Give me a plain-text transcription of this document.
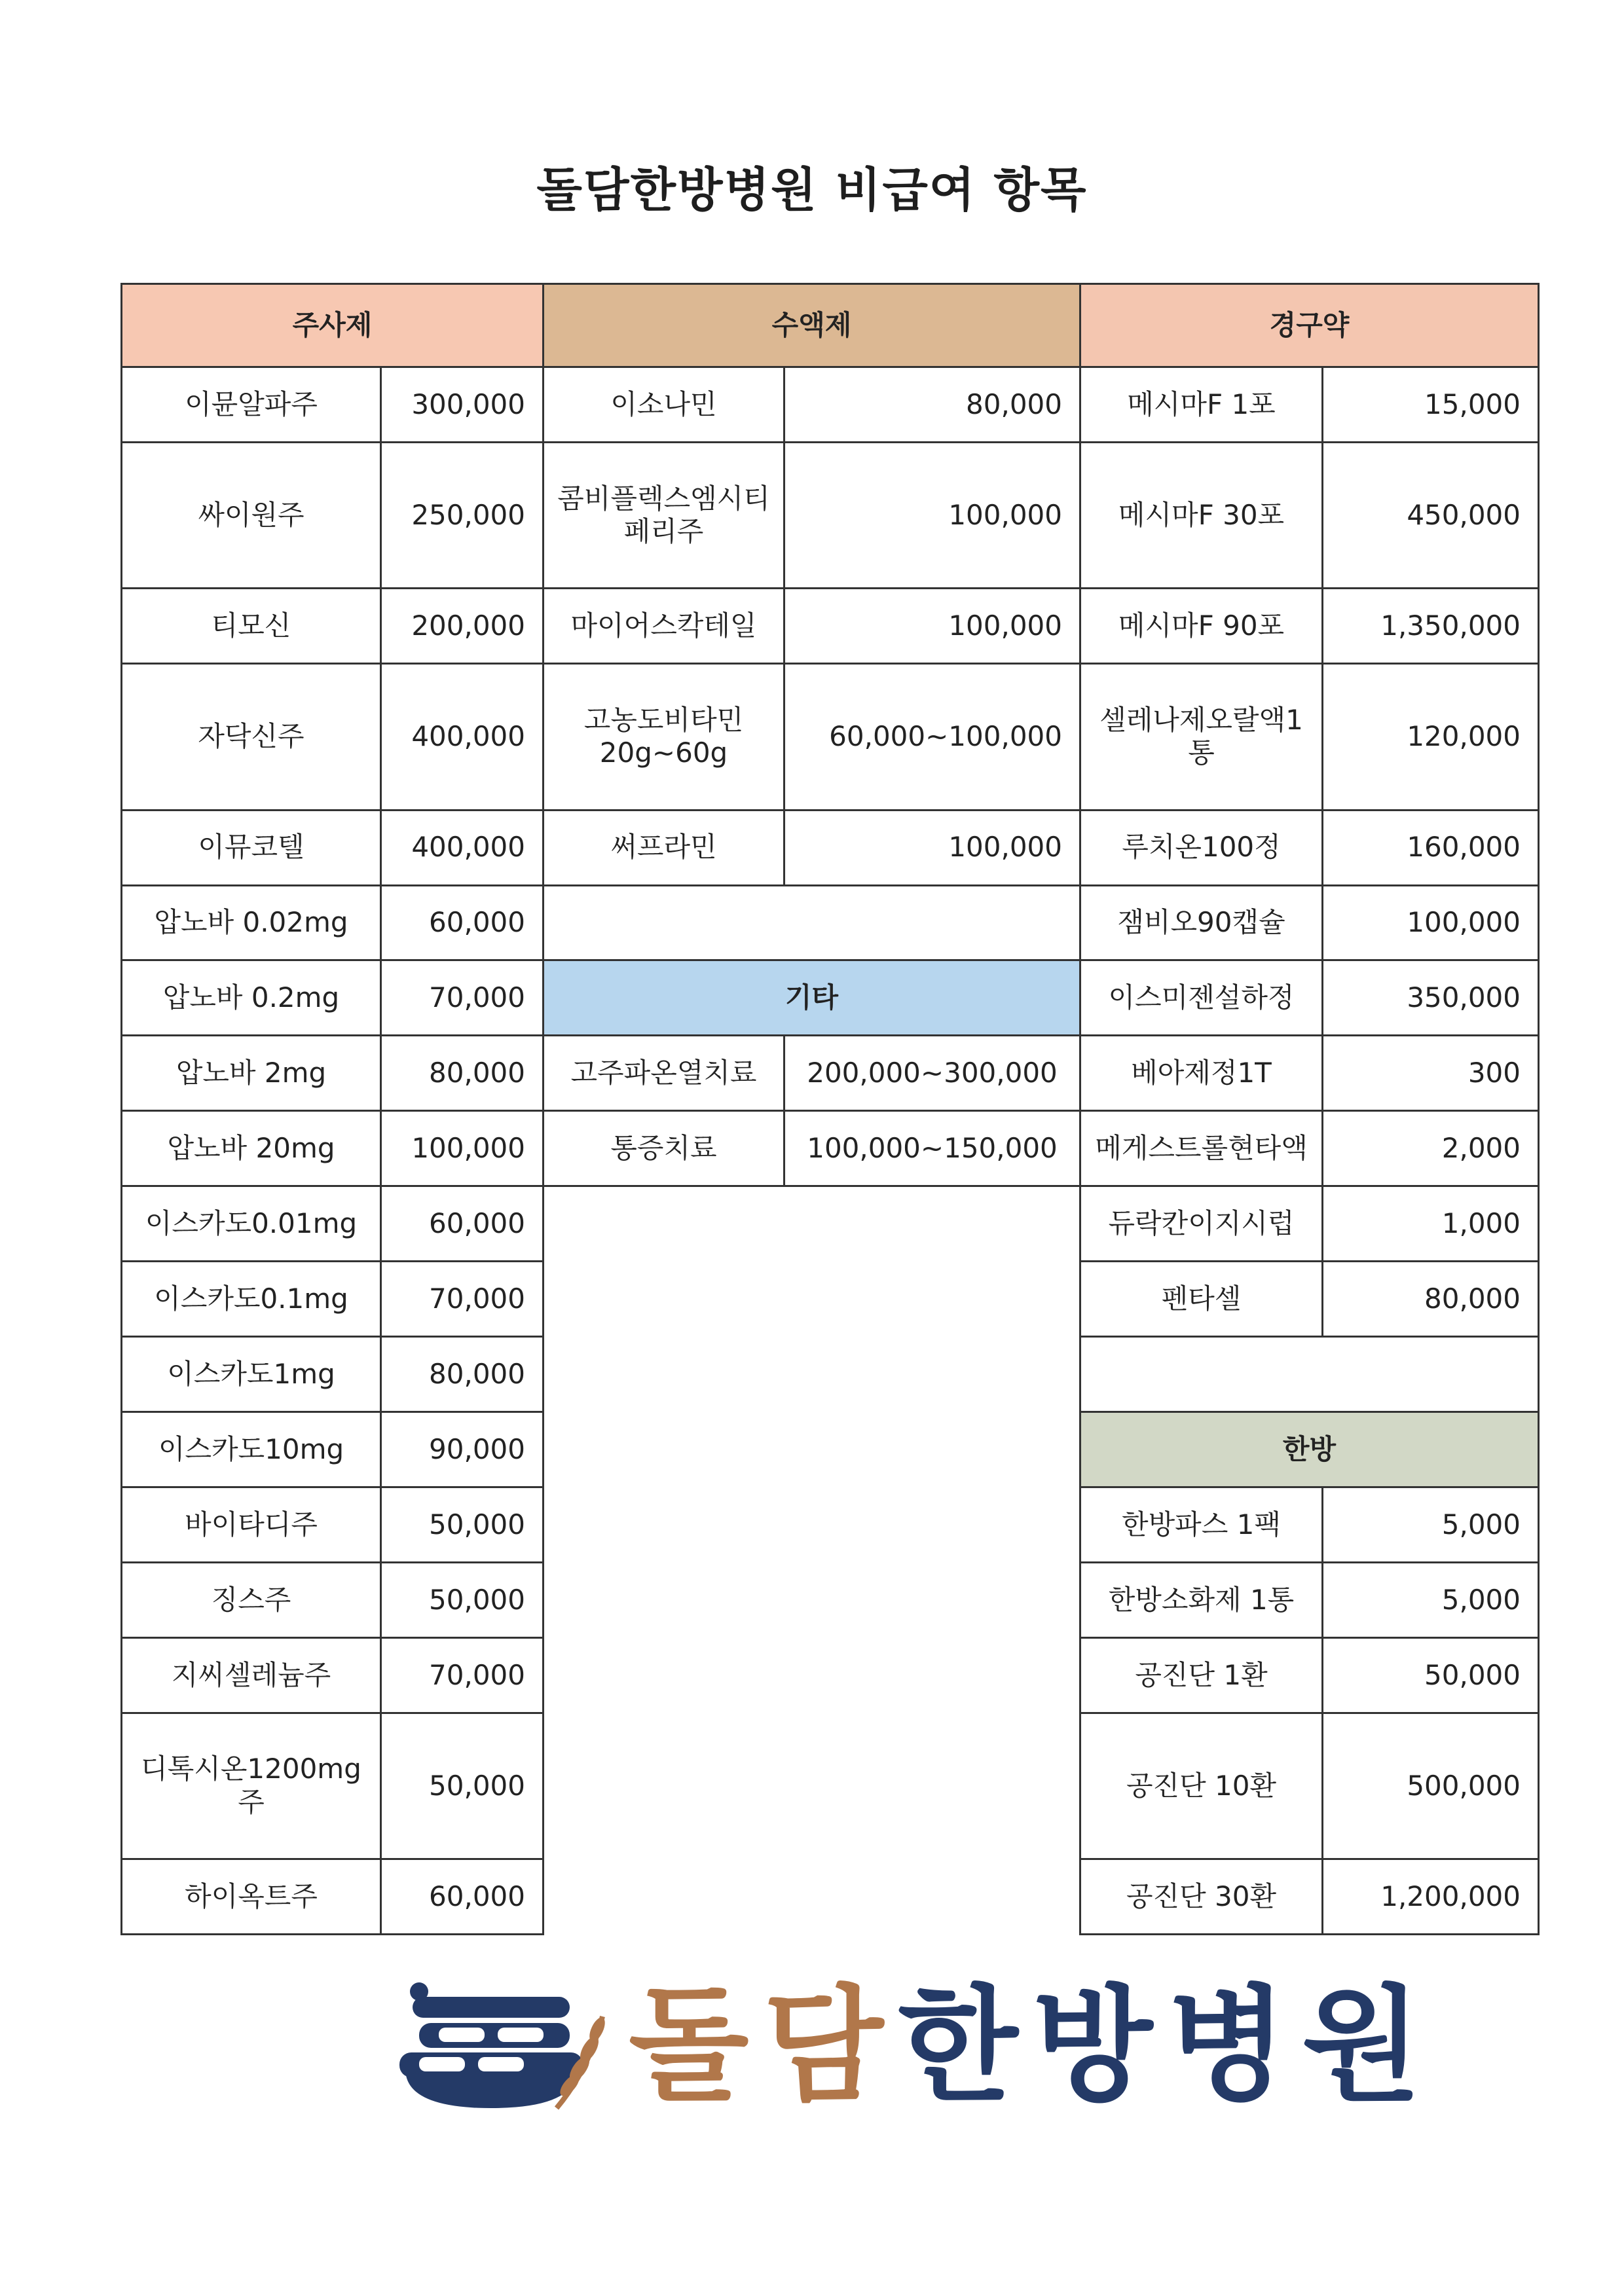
돌담한방병원 비급여 항목
주사제		수액제		경구약	
이뮨알파주	300,000	이소나민	80,000	메시마F 1포	15,000
싸이원주	250,000	콤비플렉스엠시티 페리주	100,000	메시마F 30포	450,000
티모신	200,000	마이어스칵테일	100,000	메시마F 90포	1,350,000
자닥신주	400,000	고농도비타민 20g~60g	60,000~100,000	셀레나제오랄액1통	120,000
이뮤코텔	400,000	써프라민	100,000	루치온100정	160,000
압노바 0.02mg	60,000			잼비오90캡슐	100,000
압노바 0.2mg	70,000	기타		이스미젠설하정	350,000
압노바 2mg	80,000	고주파온열치료	200,000~300,000	베아제정1T	300
압노바 20mg	100,000	통증치료	100,000~150,000	메게스트롤현타액	2,000
이스카도0.01mg	60,000			듀락칸이지시럽	1,000
이스카도0.1mg	70,000			펜타셀	80,000
이스카도1mg	80,000				
이스카도10mg	90,000			한방	
바이타디주	50,000			한방파스 1팩	5,000
징스주	50,000			한방소화제 1통	5,000
지씨셀레늄주	70,000			공진단 1환	50,000
디톡시온1200mg주	50,000			공진단 10환	500,000
하이옥트주	60,000			공진단 30환	1,200,000
돌담한방병원
